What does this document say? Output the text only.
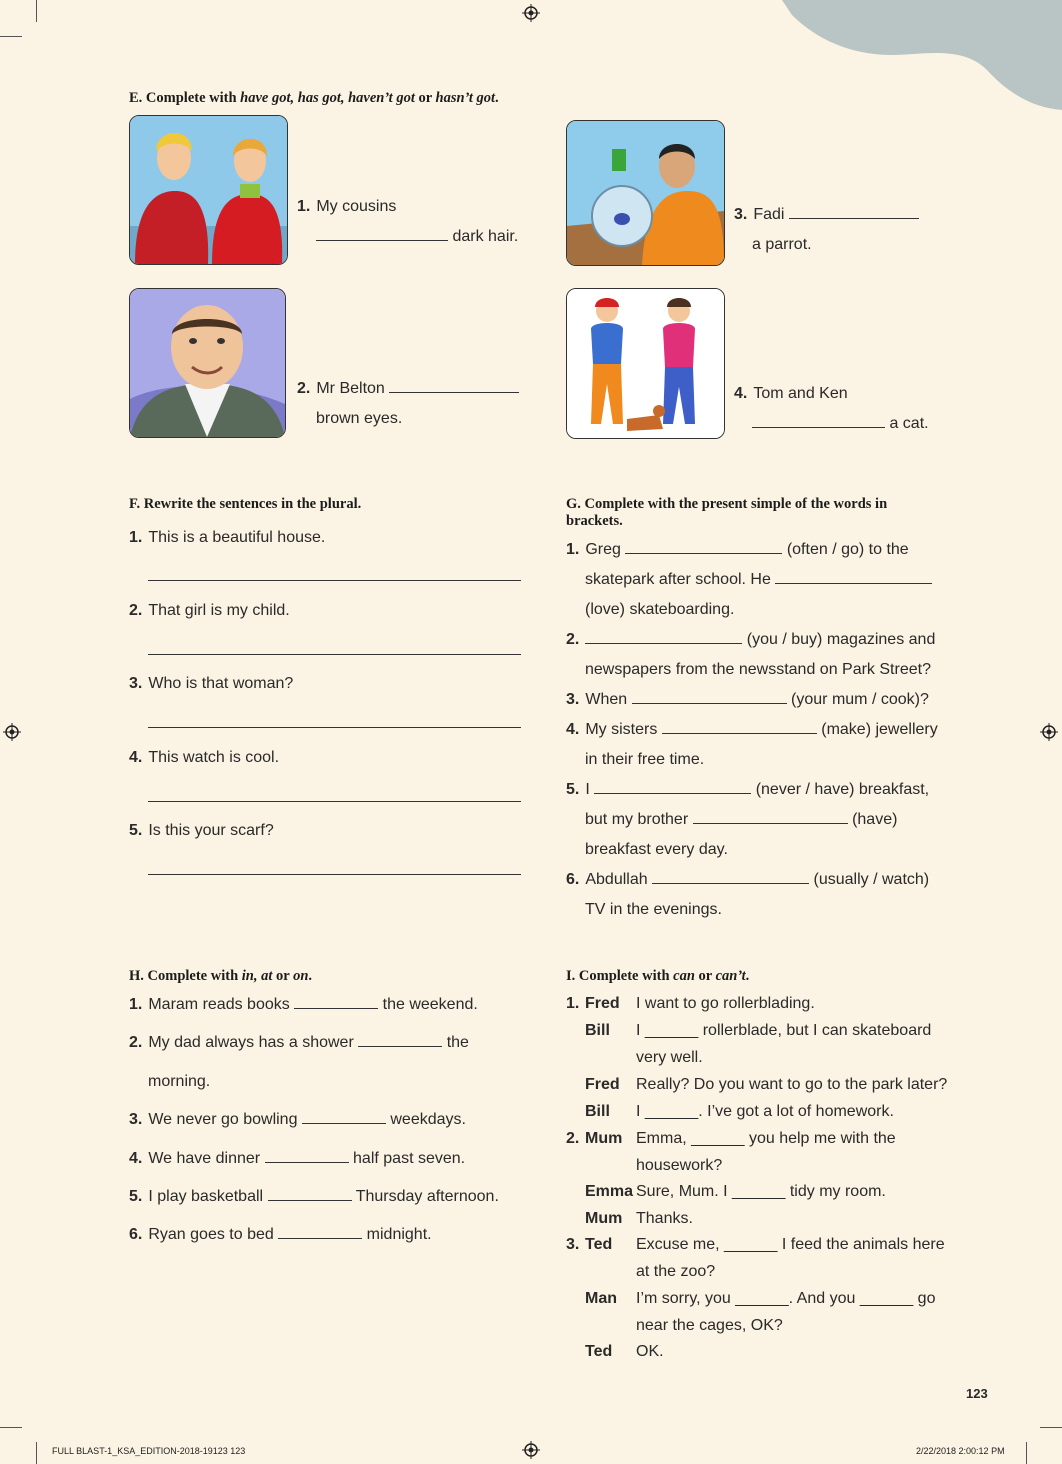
E. Complete with have got, has got, haven’t got or hasn’t got.
1. My cousins
dark hair.
2. Mr Belton
brown eyes.
3. Fadi
a parrot.
4. Tom and Ken
a cat.
F. Rewrite the sentences in the plural.
1. This is a beautiful house.
2. That girl is my child.
3. Who is that woman?
4. This watch is cool.
5. Is this your scarf?
G. Complete with the present simple of the words in brackets.
1. Greg	(often / go) to the
skatepark after school. He
(love) skateboarding.
2.	(you / buy) magazines and
newspapers from the newsstand on Park Street?
3. When	(your mum / cook)?
4. My sisters	(make) jewellery
in their free time.
5. I	(never / have) breakfast,
but my brother	(have)
breakfast every day.
6. Abdullah	(usually / watch)
TV in the evenings.
H. Complete with in, at or on.
1. Maram reads books	the weekend.
2. My dad always has a shower	the
morning.
3. We never go bowling	weekdays.
4. We have dinner	half past seven.
5. I play basketball	Thursday afternoon.
6. Ryan goes to bed	midnight.
I. Complete with can or can’t.
1. Fred I want to go rollerblading.
Bill I ______ rollerblade, but I can skateboard
very well.
Fred Really? Do you want to go to the park later?
Bill I ______. I’ve got a lot of homework.
2. Mum Emma, ______ you help me with the
housework?
Emma Sure, Mum. I ______ tidy my room.
Mum Thanks.
3. Ted Excuse me, ______ I feed the animals here
at the zoo?
Man I’m sorry, you ______. And you ______ go
near the cages, OK?
Ted OK.
123
FULL BLAST-1_KSA_EDITION-2018-19123 123	2/22/2018 2:00:12 PM
